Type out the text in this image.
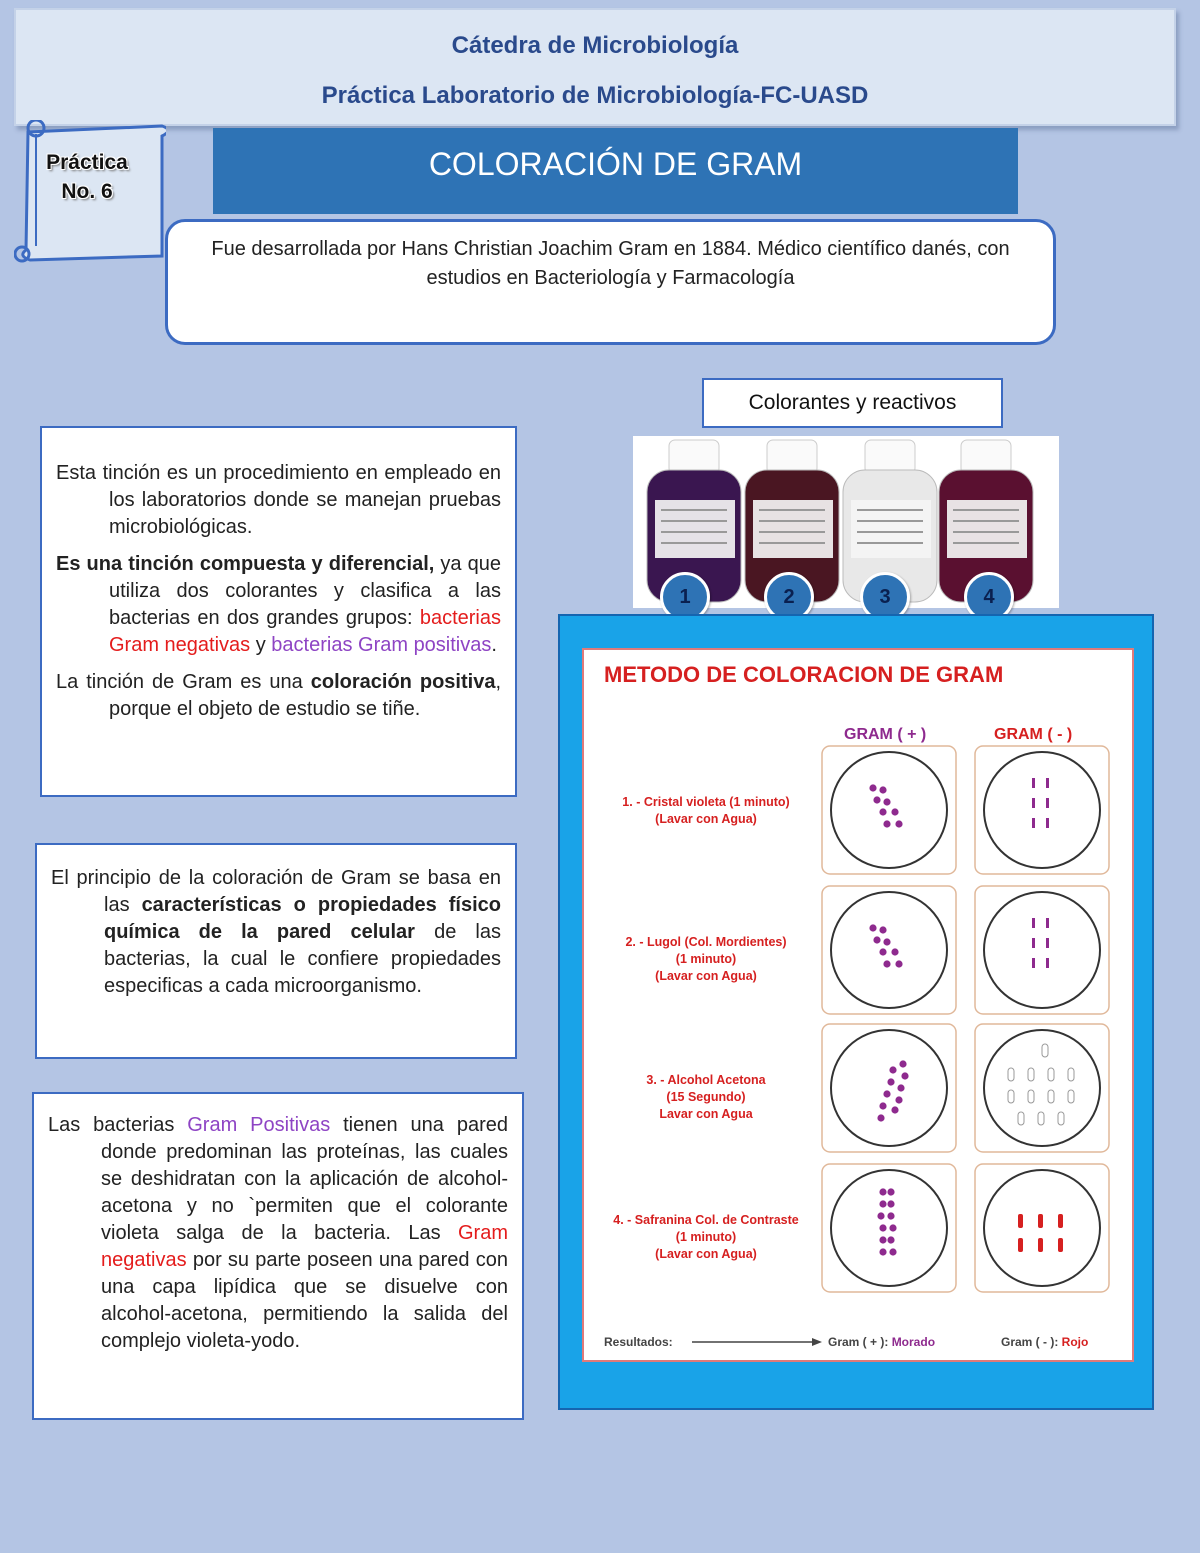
Cátedra de Microbiología
Práctica Laboratorio de Microbiología-FC-UASD
Práctica
No. 6
COLORACIÓN DE GRAM
Fue desarrollada por Hans Christian Joachim Gram en 1884. Médico científico danés, con estudios en Bacteriología y Farmacología
Colorantes y reactivos
1	2	3	4

Esta tinción es un procedimiento en empleado en los laboratorios donde se manejan pruebas microbiológicas.

Es una tinción compuesta y diferencial, ya que utiliza dos colorantes y clasifica a las bacterias en dos grandes grupos: bacterias Gram negativas y bacterias Gram positivas.

La tinción de Gram es una coloración positiva, porque el objeto de estudio se tiñe.

El principio de la coloración de Gram se basa en las características o propiedades físico química de la pared celular de las bacterias, la cual le confiere propiedades especificas a cada microorganismo.

Las bacterias Gram Positivas tienen una pared donde predominan las proteínas, las cuales se deshidratan con la aplicación de alcohol-acetona y no `permiten que el colorante violeta salga de la bacteria. Las Gram negativas por su parte poseen una pared con una capa lipídica que se disuelve con alcohol-acetona, permitiendo la salida del complejo violeta-yodo.

METODO DE COLORACION DE GRAM
GRAM ( + )	GRAM ( - )
1. - Cristal violeta (1 minuto)
(Lavar con Agua)
2. - Lugol (Col. Mordientes)
(1 minuto)
(Lavar con Agua)
3. - Alcohol Acetona
(15 Segundo)
Lavar con Agua
4. - Safranina Col. de Contraste
(1 minuto)
(Lavar con Agua)
Resultados:	Gram ( + ): Morado	Gram ( - ): Rojo
